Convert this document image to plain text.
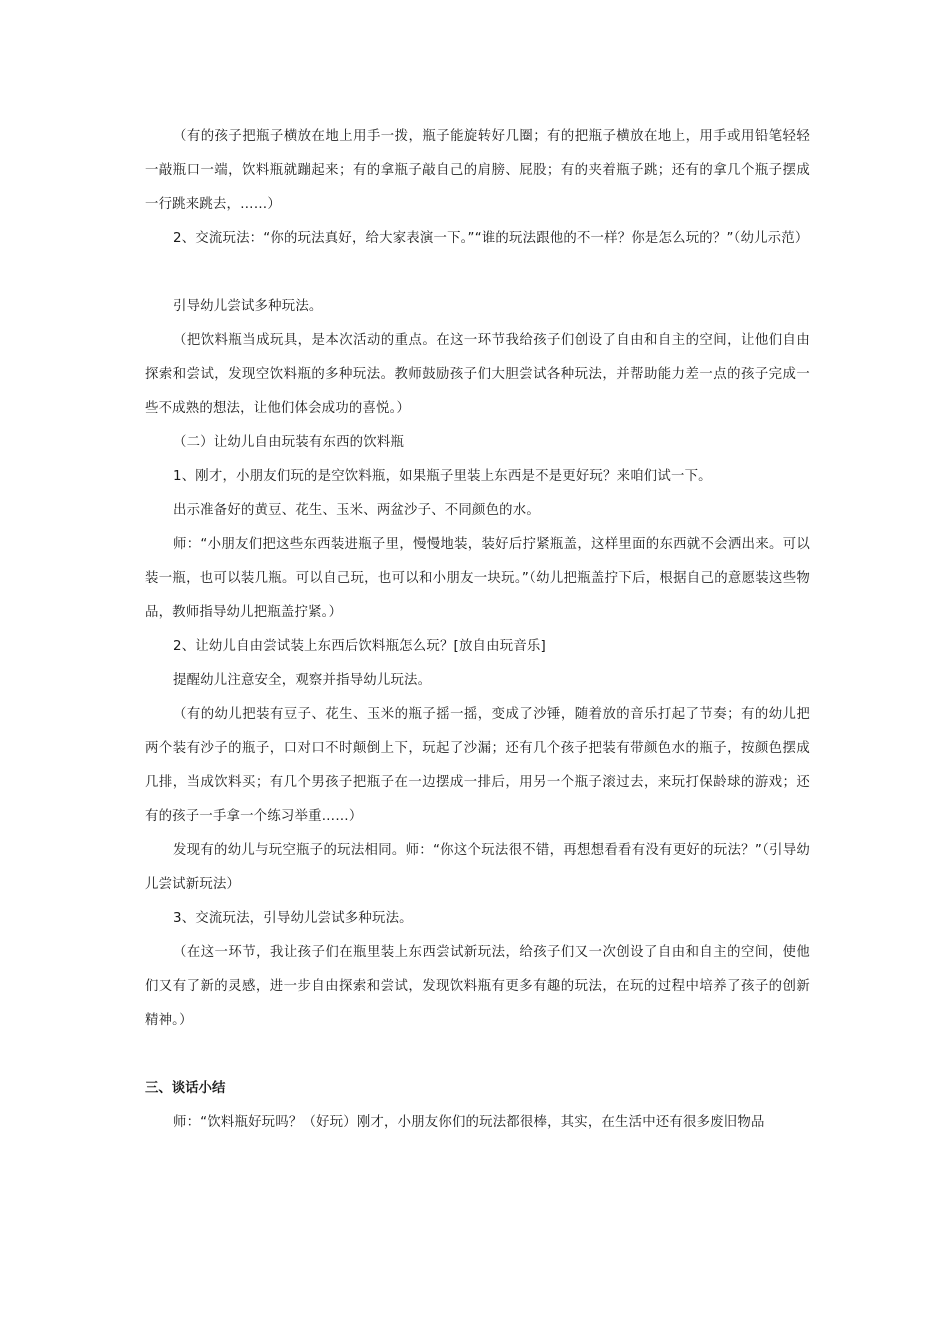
（有的孩子把瓶子横放在地上用手一拨，瓶子能旋转好几圈；有的把瓶子横放在地上，用手或用铅笔轻轻一敲瓶口一端，饮料瓶就蹦起来；有的拿瓶子敲自己的肩膀、屁股；有的夹着瓶子跳；还有的拿几个瓶子摆成一行跳来跳去，……）

2、交流玩法：“你的玩法真好，给大家表演一下。”“谁的玩法跟他的不一样？你是怎么玩的？”（幼儿示范）

引导幼儿尝试多种玩法。

（把饮料瓶当成玩具，是本次活动的重点。在这一环节我给孩子们创设了自由和自主的空间，让他们自由探索和尝试，发现空饮料瓶的多种玩法。教师鼓励孩子们大胆尝试各种玩法，并帮助能力差一点的孩子完成一些不成熟的想法，让他们体会成功的喜悦。）

（二）让幼儿自由玩装有东西的饮料瓶

1、刚才，小朋友们玩的是空饮料瓶，如果瓶子里装上东西是不是更好玩？来咱们试一下。

出示准备好的黄豆、花生、玉米、两盆沙子、不同颜色的水。

师：“小朋友们把这些东西装进瓶子里，慢慢地装，装好后拧紧瓶盖，这样里面的东西就不会洒出来。可以装一瓶，也可以装几瓶。可以自己玩，也可以和小朋友一块玩。”（幼儿把瓶盖拧下后，根据自己的意愿装这些物品，教师指导幼儿把瓶盖拧紧。）

2、让幼儿自由尝试装上东西后饮料瓶怎么玩？[放自由玩音乐]

提醒幼儿注意安全，观察并指导幼儿玩法。

（有的幼儿把装有豆子、花生、玉米的瓶子摇一摇，变成了沙锤，随着放的音乐打起了节奏；有的幼儿把两个装有沙子的瓶子，口对口不时颠倒上下，玩起了沙漏；还有几个孩子把装有带颜色水的瓶子，按颜色摆成几排，当成饮料买；有几个男孩子把瓶子在一边摆成一排后，用另一个瓶子滚过去，来玩打保龄球的游戏；还有的孩子一手拿一个练习举重……）

发现有的幼儿与玩空瓶子的玩法相同。师：“你这个玩法很不错，再想想看看有没有更好的玩法？”（引导幼儿尝试新玩法）

3、交流玩法，引导幼儿尝试多种玩法。

（在这一环节，我让孩子们在瓶里装上东西尝试新玩法，给孩子们又一次创设了自由和自主的空间，使他们又有了新的灵感，进一步自由探索和尝试，发现饮料瓶有更多有趣的玩法，在玩的过程中培养了孩子的创新精神。）

三、谈话小结

师：“饮料瓶好玩吗？（好玩）刚才，小朋友你们的玩法都很棒，其实，在生活中还有很多废旧物品
